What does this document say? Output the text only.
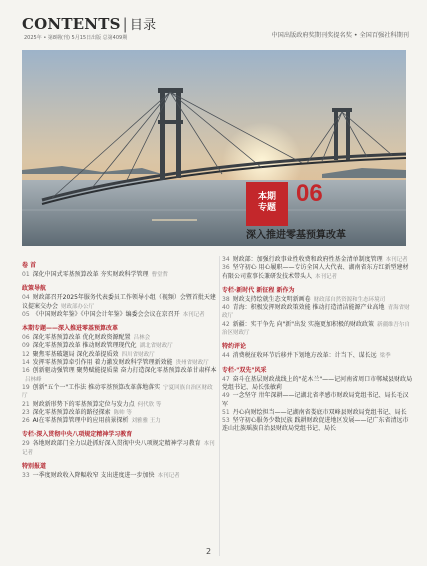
CONTENTS | 目录
2025年 • 第8期(刊) 5月15日出版 总第409期	中国出版政府奖期刊奖提名奖 • 全国百强社科期刊
本期
专题
06
深入推进零基预算改革
卷 首
01 深化中国式零基预算改革 夯实财政科学管理 曹堂哲
政策导航
04 财政部召开2025年服务代表委员工作领导小组（视频）会暨首批天建议提案交办会 财政部办公厅
05 《中国财政年鉴》《中国会计年鉴》编委会会议在京召开 本刊记者
本期专题——深入推进零基预算改革
06 深化零基预算改革 优化财政资源配置 吕林会
09 深化零基预算改革 推动财政管理现代化 湖北省财政厅
12 聚焦零基破题局 深化改革提质效 四川省财政厅
14 发挥零基预算牵引作用 着力激发财政科学管理新效能 贵州省财政厅
16 创新驱动强管理 聚势赋能提质量 奋力打造深化零基预算改革甘肃样本吕林峰
19 创新"五个一"工作法 推动零基预算改革落地落实 宁夏回族自治区财政厅
21 财政新形势下的零基预算定位与发力点 何代欣 等
23 深化零基预算改革的路径探索 陈帅 等
26 AI在零基预算管理中的应用前景探析 刘雅雅 王力
专栏·深入贯彻中央八项规定精神学习教育
29 各地财政部门全力以赴抓好深入贯彻中央八项规定精神学习教育 本刊记者
特别报道
33 一季度财政收入降幅收窄 支出进度进一步加快 本刊记者
34 财政部：加强行政事业性收费和政府性基金清单制度管理 本刊记者
36 坚守初心 用心履职——专访全国人大代表、湖南省东方红新型建材有限公司董事长兼研发技术带头人 本刊记者
专栏·新时代 新征程 新作为
38 财政支持绘就生态文明新画卷 财政部自然资源和生态环境司
40 青海：积极发挥财政政策效能 推动打造清洁能源产业高地 青海省财政厅
42 新疆：实干争先 向"新"出发 实施更加积极的财政政策 新疆维吾尔自治区财政厅
特约评论
44 消费税征收环节后移并下划地方改革：计当下、谋长远 梁季
专栏·"双先"风采
47 奋斗在基层财政战线上的"花木兰"——记河南省周口市郸城县财政局党组书记、局长张敏莉
49 一念坚守 卅年深耕——记湖北省孝感市财政局党组书记、局长毛汉军
51 丹心向财绘担当——记湖南省娄底市双峰县财政局党组书记、局长
53 坚守初心服务少数民族 践耕财政促进地区发展——记广东省清远市连山壮族瑶族自治县财政局党组书记、局长
2
